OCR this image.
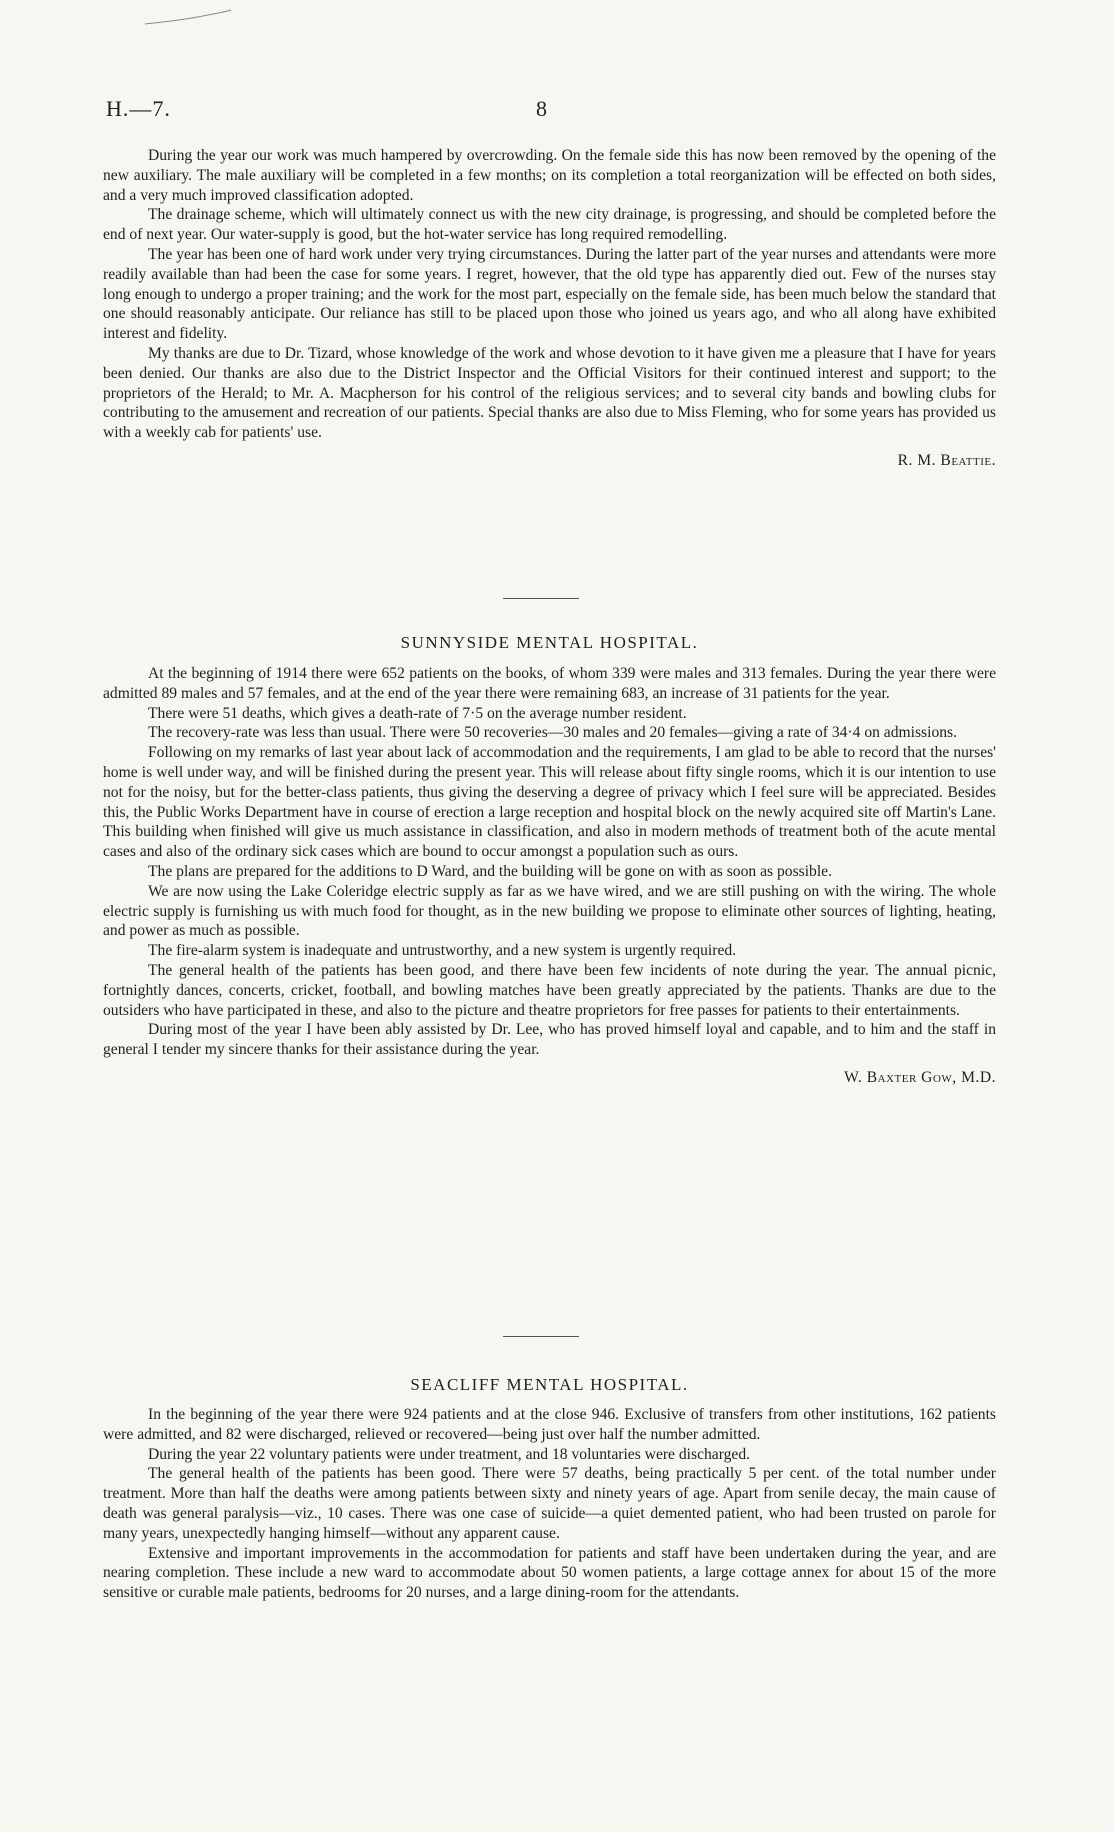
H.—7.	8

During the year our work was much hampered by overcrowding. On the female side this has now been removed by the opening of the new auxiliary. The male auxiliary will be completed in a few months; on its completion a total reorganization will be effected on both sides, and a very much improved classification adopted.

The drainage scheme, which will ultimately connect us with the new city drainage, is progressing, and should be completed before the end of next year. Our water-supply is good, but the hot-water service has long required remodelling.

The year has been one of hard work under very trying circumstances. During the latter part of the year nurses and attendants were more readily available than had been the case for some years. I regret, however, that the old type has apparently died out. Few of the nurses stay long enough to undergo a proper training; and the work for the most part, especially on the female side, has been much below the standard that one should reasonably anticipate. Our reliance has still to be placed upon those who joined us years ago, and who all along have exhibited interest and fidelity.

My thanks are due to Dr. Tizard, whose knowledge of the work and whose devotion to it have given me a pleasure that I have for years been denied. Our thanks are also due to the District Inspector and the Official Visitors for their continued interest and support; to the proprietors of the Herald; to Mr. A. Macpherson for his control of the religious services; and to several city bands and bowling clubs for contributing to the amusement and recreation of our patients. Special thanks are also due to Miss Fleming, who for some years has provided us with a weekly cab for patients' use.

R. M. Beattie.
SUNNYSIDE MENTAL HOSPITAL.

At the beginning of 1914 there were 652 patients on the books, of whom 339 were males and 313 females. During the year there were admitted 89 males and 57 females, and at the end of the year there were remaining 683, an increase of 31 patients for the year.

There were 51 deaths, which gives a death-rate of 7·5 on the average number resident.

The recovery-rate was less than usual. There were 50 recoveries—30 males and 20 females—giving a rate of 34·4 on admissions.

Following on my remarks of last year about lack of accommodation and the requirements, I am glad to be able to record that the nurses' home is well under way, and will be finished during the present year. This will release about fifty single rooms, which it is our intention to use not for the noisy, but for the better-class patients, thus giving the deserving a degree of privacy which I feel sure will be appreciated. Besides this, the Public Works Department have in course of erection a large reception and hospital block on the newly acquired site off Martin's Lane. This building when finished will give us much assistance in classification, and also in modern methods of treatment both of the acute mental cases and also of the ordinary sick cases which are bound to occur amongst a population such as ours.

The plans are prepared for the additions to D Ward, and the building will be gone on with as soon as possible.

We are now using the Lake Coleridge electric supply as far as we have wired, and we are still pushing on with the wiring. The whole electric supply is furnishing us with much food for thought, as in the new building we propose to eliminate other sources of lighting, heating, and power as much as possible.

The fire-alarm system is inadequate and untrustworthy, and a new system is urgently required.

The general health of the patients has been good, and there have been few incidents of note during the year. The annual picnic, fortnightly dances, concerts, cricket, football, and bowling matches have been greatly appreciated by the patients. Thanks are due to the outsiders who have participated in these, and also to the picture and theatre proprietors for free passes for patients to their entertainments.

During most of the year I have been ably assisted by Dr. Lee, who has proved himself loyal and capable, and to him and the staff in general I tender my sincere thanks for their assistance during the year.

W. Baxter Gow, M.D.
SEACLIFF MENTAL HOSPITAL.

In the beginning of the year there were 924 patients and at the close 946. Exclusive of transfers from other institutions, 162 patients were admitted, and 82 were discharged, relieved or recovered—being just over half the number admitted.

During the year 22 voluntary patients were under treatment, and 18 voluntaries were discharged.

The general health of the patients has been good. There were 57 deaths, being practically 5 per cent. of the total number under treatment. More than half the deaths were among patients between sixty and ninety years of age. Apart from senile decay, the main cause of death was general paralysis—viz., 10 cases. There was one case of suicide—a quiet demented patient, who had been trusted on parole for many years, unexpectedly hanging himself—without any apparent cause.

Extensive and important improvements in the accommodation for patients and staff have been undertaken during the year, and are nearing completion. These include a new ward to accommodate about 50 women patients, a large cottage annex for about 15 of the more sensitive or curable male patients, bedrooms for 20 nurses, and a large dining-room for the attendants.
